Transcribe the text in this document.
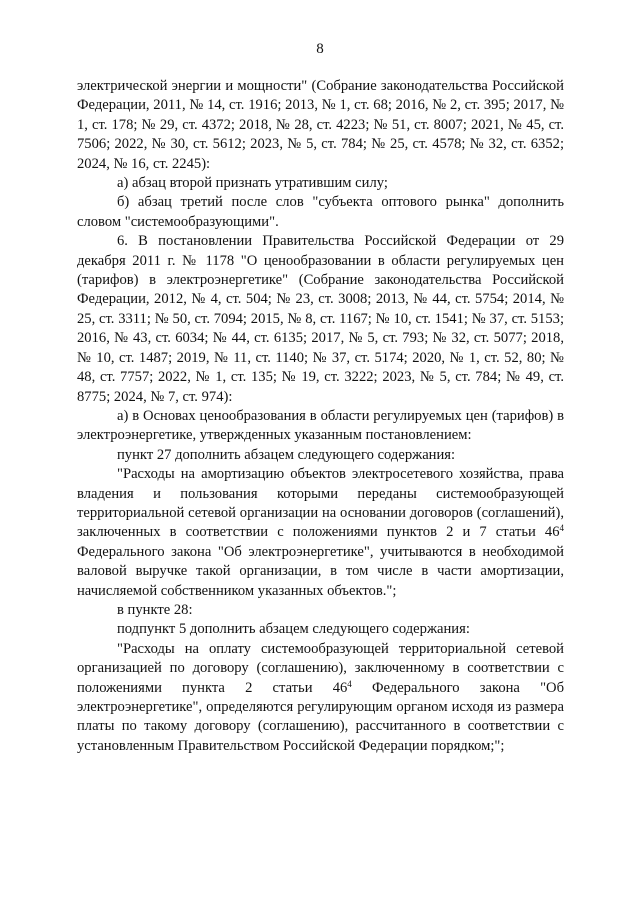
8

электрической энергии и мощности" (Собрание законодательства Российской Федерации, 2011, № 14, ст. 1916; 2013, № 1, ст. 68; 2016, № 2, ст. 395; 2017, № 1, ст. 178; № 29, ст. 4372; 2018, № 28, ст. 4223; № 51, ст. 8007; 2021, № 45, ст. 7506; 2022, № 30, ст. 5612; 2023, № 5, ст. 784; № 25, ст. 4578; № 32, ст. 6352; 2024, № 16, ст. 2245):

а) абзац второй признать утратившим силу;

б) абзац третий после слов "субъекта оптового рынка" дополнить словом "системообразующими".

6. В постановлении Правительства Российской Федерации от 29 декабря 2011 г. № 1178 "О ценообразовании в области регулируемых цен (тарифов) в электроэнергетике" (Собрание законодательства Российской Федерации, 2012, № 4, ст. 504; № 23, ст. 3008; 2013, № 44, ст. 5754; 2014, № 25, ст. 3311; № 50, ст. 7094; 2015, № 8, ст. 1167; № 10, ст. 1541; № 37, ст. 5153; 2016, № 43, ст. 6034; № 44, ст. 6135; 2017, № 5, ст. 793; № 32, ст. 5077; 2018, № 10, ст. 1487; 2019, № 11, ст. 1140; № 37, ст. 5174; 2020, № 1, ст. 52, 80; № 48, ст. 7757; 2022, № 1, ст. 135; № 19, ст. 3222; 2023, № 5, ст. 784; № 49, ст. 8775; 2024, № 7, ст. 974):

а) в Основах ценообразования в области регулируемых цен (тарифов) в электроэнергетике, утвержденных указанным постановлением:

пункт 27 дополнить абзацем следующего содержания:

"Расходы на амортизацию объектов электросетевого хозяйства, права владения и пользования которыми переданы системообразующей территориальной сетевой организации на основании договоров (соглашений), заключенных в соответствии с положениями пунктов 2 и 7 статьи $46^4$ Федерального закона "Об электроэнергетике", учитываются в необходимой валовой выручке такой организации, в том числе в части амортизации, начисляемой собственником указанных объектов.";

в пункте 28:

подпункт 5 дополнить абзацем следующего содержания:

"Расходы на оплату системообразующей территориальной сетевой организацией по договору (соглашению), заключенному в соответствии с положениями пункта 2 статьи $46^4$ Федерального закона "Об электроэнергетике", определяются регулирующим органом исходя из размера платы по такому договору (соглашению), рассчитанного в соответствии с установленным Правительством Российской Федерации порядком;";
